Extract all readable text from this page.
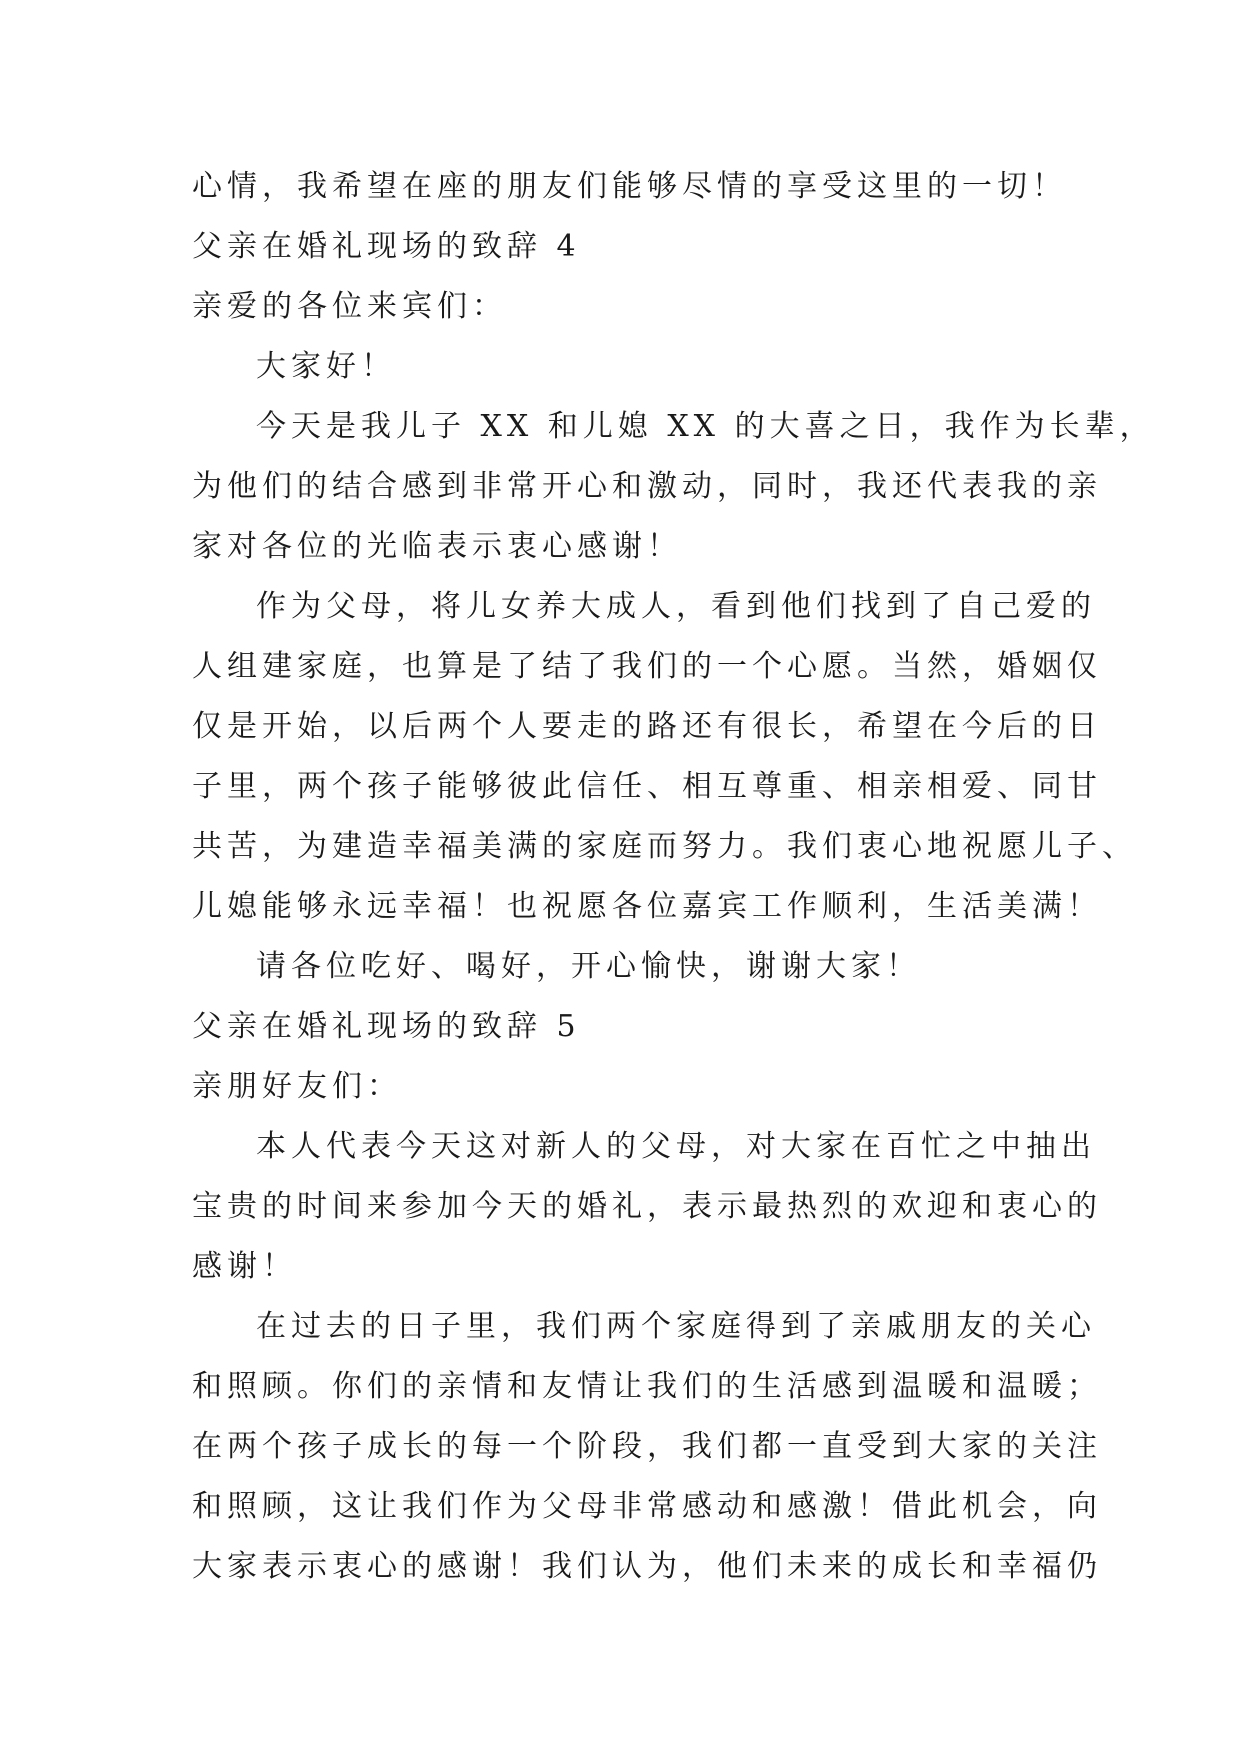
心情，我希望在座的朋友们能够尽情的享受这里的一切！
父亲在婚礼现场的致辞 4
亲爱的各位来宾们：
大家好！
今天是我儿子 XX 和儿媳 XX 的大喜之日，我作为长辈，
为他们的结合感到非常开心和激动，同时，我还代表我的亲
家对各位的光临表示衷心感谢！
作为父母，将儿女养大成人，看到他们找到了自己爱的
人组建家庭，也算是了结了我们的一个心愿。当然，婚姻仅
仅是开始，以后两个人要走的路还有很长，希望在今后的日
子里，两个孩子能够彼此信任、相互尊重、相亲相爱、同甘
共苦，为建造幸福美满的家庭而努力。我们衷心地祝愿儿子、
儿媳能够永远幸福！也祝愿各位嘉宾工作顺利，生活美满！
请各位吃好、喝好，开心愉快，谢谢大家！
父亲在婚礼现场的致辞 5
亲朋好友们：
本人代表今天这对新人的父母，对大家在百忙之中抽出
宝贵的时间来参加今天的婚礼，表示最热烈的欢迎和衷心的
感谢！
在过去的日子里，我们两个家庭得到了亲戚朋友的关心
和照顾。你们的亲情和友情让我们的生活感到温暖和温暖；
在两个孩子成长的每一个阶段，我们都一直受到大家的关注
和照顾，这让我们作为父母非常感动和感激！借此机会，向
大家表示衷心的感谢！我们认为，他们未来的成长和幸福仍
